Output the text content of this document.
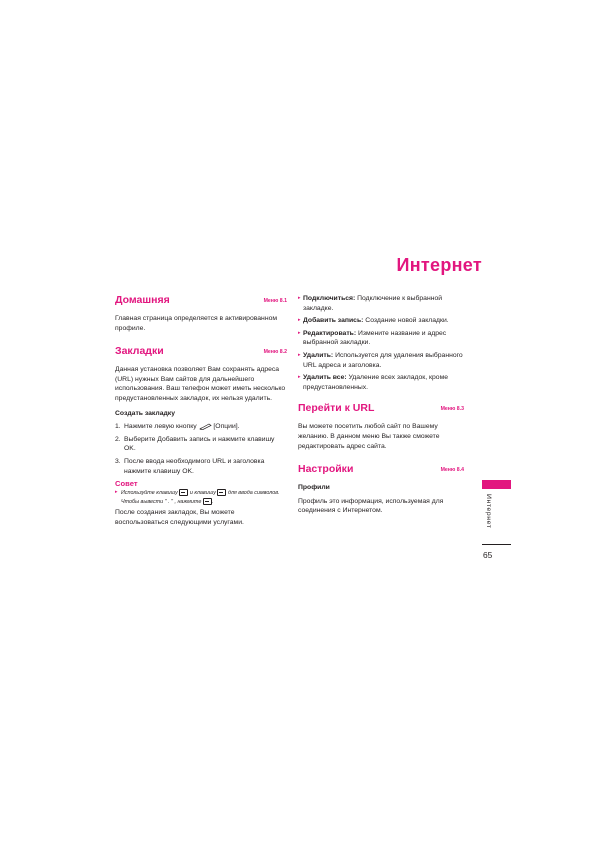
Интернет
Домашняя	Меню 8.1

Главная страница определяется в активированном профиле.

Закладки	Меню 8.2

Данная установка позволяет Вам сохранять адреса (URL) нужных Вам сайтов для дальнейшего использования. Ваш телефон может иметь несколько предустановленных закладок, их нельзя удалить.

Создать закладку

1. Нажмите левую кнопку [Опции].
2. Выберите Добавить запись и нажмите клавишу OK.
3. После ввода необходимого URL и заголовка нажмите клавишу OK.

Совет

▸ Используйте клавишу и клавишу для ввода символов. Чтобы вывести " . " , нажмите .

После создания закладок, Вы можете воспользоваться следующими услугами.

▸ Подключиться: Подключение к выбранной закладке.
▸ Добавить запись: Создание новой закладки.
▸ Редактировать: Измените название и адрес выбранной закладки.
▸ Удалить: Используется для удаления выбранного URL адреса и заголовка.
▸ Удалить все: Удаление всех закладок, кроме предустановленных.
Перейти к URL	Меню 8.3

Вы можете посетить любой сайт по Вашему желанию. В данном меню Вы также сможете редактировать адрес сайта.

Настройки	Меню 8.4

Профили

Профиль это информация, используемая для соединения с Интернетом.	Интернет
65
